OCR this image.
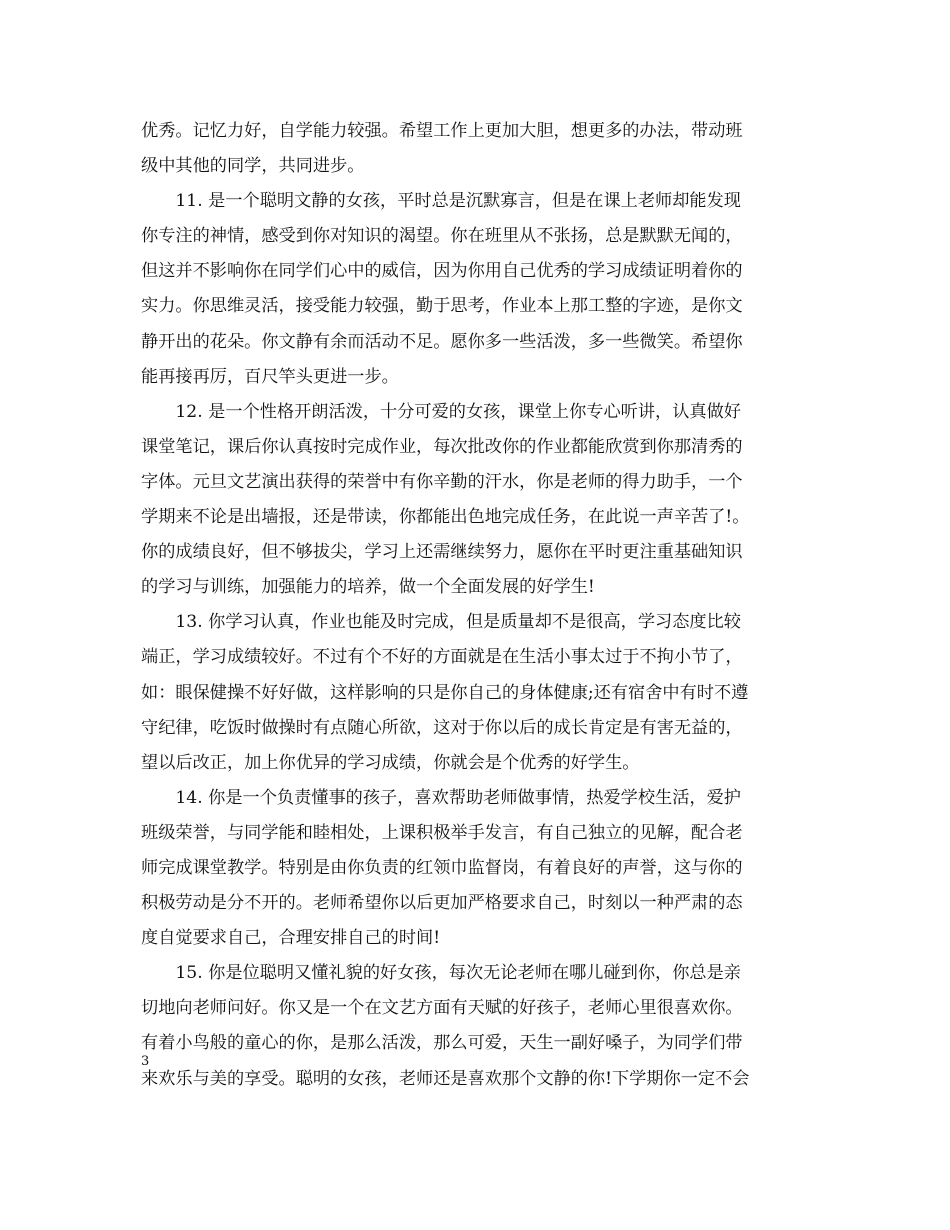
优秀。记忆力好，自学能力较强。希望工作上更加大胆，想更多的办法，带动班
级中其他的同学，共同进步。
　　11. 是一个聪明文静的女孩，平时总是沉默寡言，但是在课上老师却能发现
你专注的神情，感受到你对知识的渴望。你在班里从不张扬，总是默默无闻的，
但这并不影响你在同学们心中的威信，因为你用自己优秀的学习成绩证明着你的
实力。你思维灵活，接受能力较强，勤于思考，作业本上那工整的字迹，是你文
静开出的花朵。你文静有余而活动不足。愿你多一些活泼，多一些微笑。希望你
能再接再厉，百尺竿头更进一步。
　　12. 是一个性格开朗活泼，十分可爱的女孩，课堂上你专心听讲，认真做好
课堂笔记，课后你认真按时完成作业，每次批改你的作业都能欣赏到你那清秀的
字体。元旦文艺演出获得的荣誉中有你辛勤的汗水，你是老师的得力助手，一个
学期来不论是出墙报，还是带读，你都能出色地完成任务，在此说一声辛苦了!。
你的成绩良好，但不够拔尖，学习上还需继续努力，愿你在平时更注重基础知识
的学习与训练，加强能力的培养，做一个全面发展的好学生!
　　13. 你学习认真，作业也能及时完成，但是质量却不是很高，学习态度比较
端正，学习成绩较好。不过有个不好的方面就是在生活小事太过于不拘小节了，
如：眼保健操不好好做，这样影响的只是你自己的身体健康;还有宿舍中有时不遵
守纪律，吃饭时做操时有点随心所欲，这对于你以后的成长肯定是有害无益的，
望以后改正，加上你优异的学习成绩，你就会是个优秀的好学生。
　　14. 你是一个负责懂事的孩子，喜欢帮助老师做事情，热爱学校生活，爱护
班级荣誉，与同学能和睦相处，上课积极举手发言，有自己独立的见解，配合老
师完成课堂教学。特别是由你负责的红领巾监督岗，有着良好的声誉，这与你的
积极劳动是分不开的。老师希望你以后更加严格要求自己，时刻以一种严肃的态
度自觉要求自己，合理安排自己的时间!
　　15. 你是位聪明又懂礼貌的好女孩，每次无论老师在哪儿碰到你，你总是亲
切地向老师问好。你又是一个在文艺方面有天赋的好孩子，老师心里很喜欢你。
有着小鸟般的童心的你，是那么活泼，那么可爱，天生一副好嗓子，为同学们带
来欢乐与美的享受。聪明的女孩，老师还是喜欢那个文静的你!下学期你一定不会
3
